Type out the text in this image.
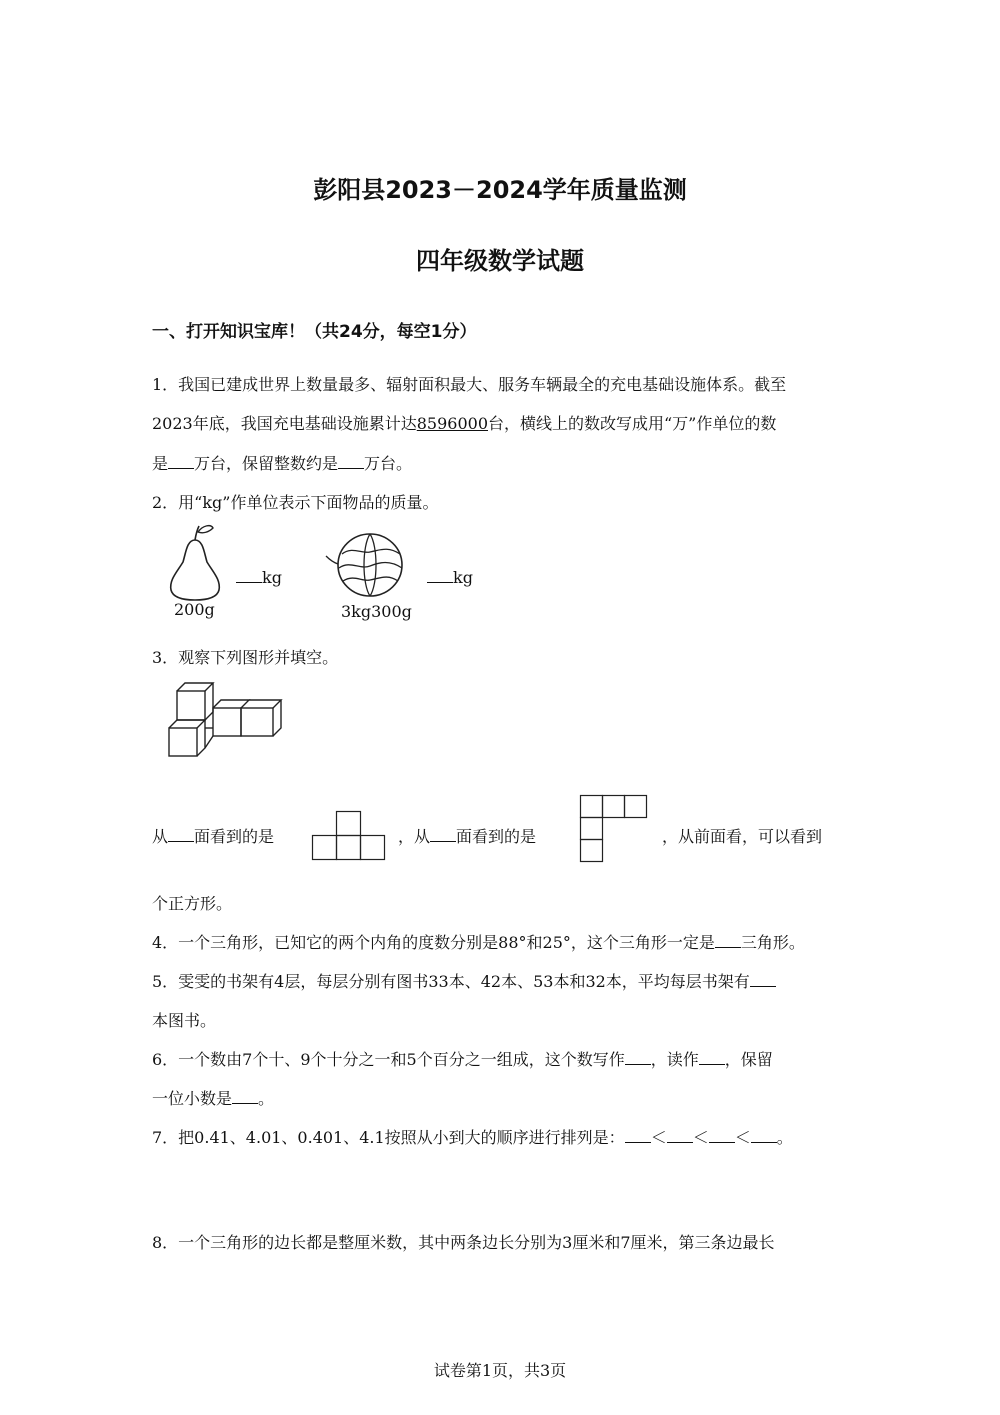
彭阳县2023－2024学年质量监测
四年级数学试题
一、打开知识宝库！（共24分，每空1分）
1．我国已建成世界上数量最多、辐射面积最大、服务车辆最全的充电基础设施体系。截至
2023年底，我国充电基础设施累计达8596000台，横线上的数改写成用“万”作单位的数
是 万台，保留整数约是 万台。
2．用“kg”作单位表示下面物品的质量。
200g
kg
3kg300g
kg
3．观察下列图形并填空。
从 面看到的是	，从 面看到的是	，从前面看，可以看到
个正方形。
4．一个三角形，已知它的两个内角的度数分别是88°和25°，这个三角形一定是 三角形。
5．雯雯的书架有4层，每层分别有图书33本、42本、53本和32本，平均每层书架有
本图书。
6．一个数由7个十、9个十分之一和5个百分之一组成，这个数写作 ，读作 ，保留
一位小数是 。
7．把0.41、4.01、0.401、4.1按照从小到大的顺序进行排列是： ＜ ＜ ＜ 。
8．一个三角形的边长都是整厘米数，其中两条边长分别为3厘米和7厘米，第三条边最长
试卷第1页，共3页
